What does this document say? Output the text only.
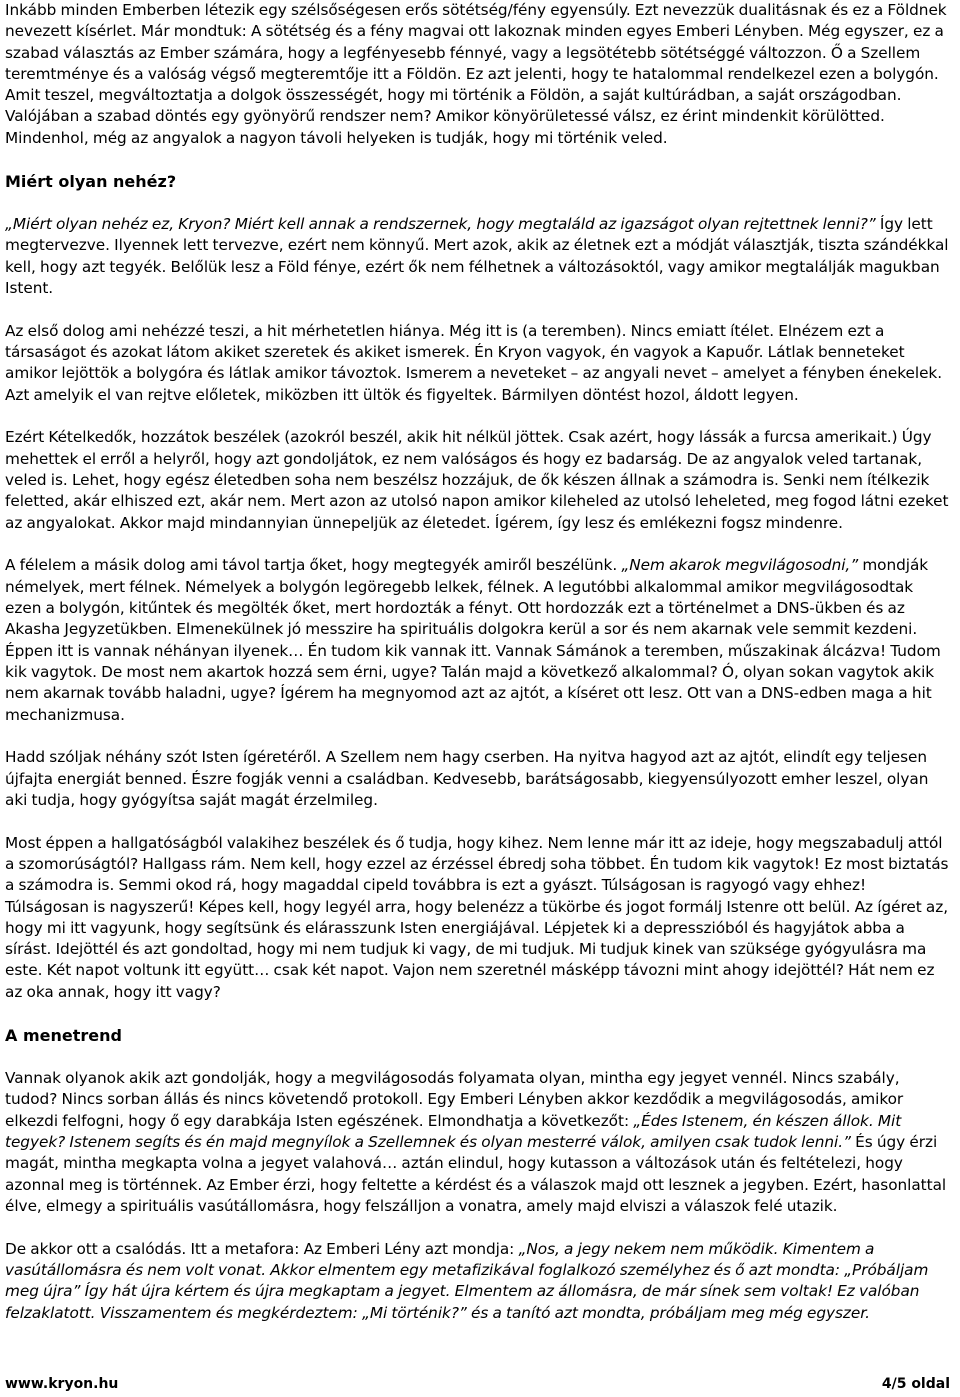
Inkább minden Emberben létezik egy szélsőségesen erős sötétség/fény egyensúly. Ezt nevezzük dualitásnak és ez a Földnek nevezett kísérlet. Már mondtuk: A sötétség és a fény magvai ott lakoznak minden egyes Emberi Lényben. Még egyszer, ez a szabad választás az Ember számára, hogy a legfényesebb fénnyé, vagy a legsötétebb sötétséggé változzon. Ő a Szellem teremtménye és a valóság végső megteremtője itt a Földön. Ez azt jelenti, hogy te hatalommal rendelkezel ezen a bolygón. Amit teszel, megváltoztatja a dolgok összességét, hogy mi történik a Földön, a saját kultúrádban, a saját országodban. Valójában a szabad döntés egy gyönyörű rendszer nem? Amikor könyörületessé válsz, ez érint mindenkit körülötted. Mindenhol, még az angyalok a nagyon távoli helyeken is tudják, hogy mi történik veled.

Miért olyan nehéz?

„Miért olyan nehéz ez, Kryon? Miért kell annak a rendszernek, hogy megtaláld az igazságot olyan rejtettnek lenni?” Így lett megtervezve. Ilyennek lett tervezve, ezért nem könnyű. Mert azok, akik az életnek ezt a módját választják, tiszta szándékkal kell, hogy azt tegyék. Belőlük lesz a Föld fénye, ezért ők nem félhetnek a változásoktól, vagy amikor megtalálják magukban Istent.

Az első dolog ami nehézzé teszi, a hit mérhetetlen hiánya. Még itt is (a teremben). Nincs emiatt ítélet. Elnézem ezt a társaságot és azokat látom akiket szeretek és akiket ismerek. Én Kryon vagyok, én vagyok a Kapuőr. Látlak benneteket amikor lejöttök a bolygóra és látlak amikor távoztok. Ismerem a neveteket – az angyali nevet – amelyet a fényben énekelek. Azt amelyik el van rejtve előletek, miközben itt ültök és figyeltek. Bármilyen döntést hozol, áldott legyen.

Ezért Kételkedők, hozzátok beszélek (azokról beszél, akik hit nélkül jöttek. Csak azért, hogy lássák a furcsa amerikait.) Úgy mehettek el erről a helyről, hogy azt gondoljátok, ez nem valóságos és hogy ez badarság. De az angyalok veled tartanak, veled is. Lehet, hogy egész életedben soha nem beszélsz hozzájuk, de ők készen állnak a számodra is. Senki nem ítélkezik feletted, akár elhiszed ezt, akár nem. Mert azon az utolsó napon amikor kileheled az utolsó leheleted, meg fogod látni ezeket az angyalokat. Akkor majd mindannyian ünnepeljük az életedet. Ígérem, így lesz és emlékezni fogsz mindenre.

A félelem a másik dolog ami távol tartja őket, hogy megtegyék amiről beszélünk. „Nem akarok megvilágosodni,” mondják némelyek, mert félnek. Némelyek a bolygón legöregebb lelkek, félnek. A legutóbbi alkalommal amikor megvilágosodtak ezen a bolygón, kitűntek és megölték őket, mert hordozták a fényt. Ott hordozzák ezt a történelmet a DNS-ükben és az Akasha Jegyzetükben. Elmenekülnek jó messzire ha spirituális dolgokra kerül a sor és nem akarnak vele semmit kezdeni. Éppen itt is vannak néhányan ilyenek… Én tudom kik vannak itt. Vannak Sámánok a teremben, műszakinak álcázva! Tudom kik vagytok. De most nem akartok hozzá sem érni, ugye? Talán majd a következő alkalommal? Ó, olyan sokan vagytok akik nem akarnak tovább haladni, ugye? Ígérem ha megnyomod azt az ajtót, a kíséret ott lesz. Ott van a DNS-edben maga a hit mechanizmusa.

Hadd szóljak néhány szót Isten ígéretéről. A Szellem nem hagy cserben. Ha nyitva hagyod azt az ajtót, elindít egy teljesen újfajta energiát benned. Észre fogják venni a családban. Kedvesebb, barátságosabb, kiegyensúlyozott emher leszel, olyan aki tudja, hogy gyógyítsa saját magát érzelmileg.

Most éppen a hallgatóságból valakihez beszélek és ő tudja, hogy kihez. Nem lenne már itt az ideje, hogy megszabadulj attól a szomorúságtól? Hallgass rám. Nem kell, hogy ezzel az érzéssel ébredj soha többet. Én tudom kik vagytok! Ez most biztatás a számodra is. Semmi okod rá, hogy magaddal cipeld továbbra is ezt a gyászt. Túlságosan is ragyogó vagy ehhez! Túlságosan is nagyszerű! Képes kell, hogy legyél arra, hogy belenézz a tükörbe és jogot formálj Istenre ott belül. Az ígéret az, hogy mi itt vagyunk, hogy segítsünk és elárasszunk Isten energiájával. Lépjetek ki a depresszióból és hagyjátok abba a sírást. Idejöttél és azt gondoltad, hogy mi nem tudjuk ki vagy, de mi tudjuk. Mi tudjuk kinek van szüksége gyógyulásra ma este. Két napot voltunk itt együtt… csak két napot. Vajon nem szeretnél másképp távozni mint ahogy idejöttél? Hát nem ez az oka annak, hogy itt vagy?

A menetrend

Vannak olyanok akik azt gondolják, hogy a megvilágosodás folyamata olyan, mintha egy jegyet vennél. Nincs szabály, tudod? Nincs sorban állás és nincs követendő protokoll. Egy Emberi Lényben akkor kezdődik a megvilágosodás, amikor elkezdi felfogni, hogy ő egy darabkája Isten egészének. Elmondhatja a következőt: „Édes Istenem, én készen állok. Mit tegyek? Istenem segíts és én majd megnyílok a Szellemnek és olyan mesterré válok, amilyen csak tudok lenni.” És úgy érzi magát, mintha megkapta volna a jegyet valahová… aztán elindul, hogy kutasson a változások után és feltételezi, hogy azonnal meg is történnek. Az Ember érzi, hogy feltette a kérdést és a válaszok majd ott lesznek a jegyben. Ezért, hasonlattal élve, elmegy a spirituális vasútállomásra, hogy felszálljon a vonatra, amely majd elviszi a válaszok felé utazik.

De akkor ott a csalódás. Itt a metafora: Az Emberi Lény azt mondja: „Nos, a jegy nekem nem működik. Kimentem a vasútállomásra és nem volt vonat. Akkor elmentem egy metafizikával foglalkozó személyhez és ő azt mondta: „Próbáljam meg újra” Így hát újra kértem és újra megkaptam a jegyet. Elmentem az állomásra, de már sínek sem voltak! Ez valóban felzaklatott. Visszamentem és megkérdeztem: „Mi történik?” és a tanító azt mondta, próbáljam meg még egyszer.

www.kryon.hu	4/5 oldal
